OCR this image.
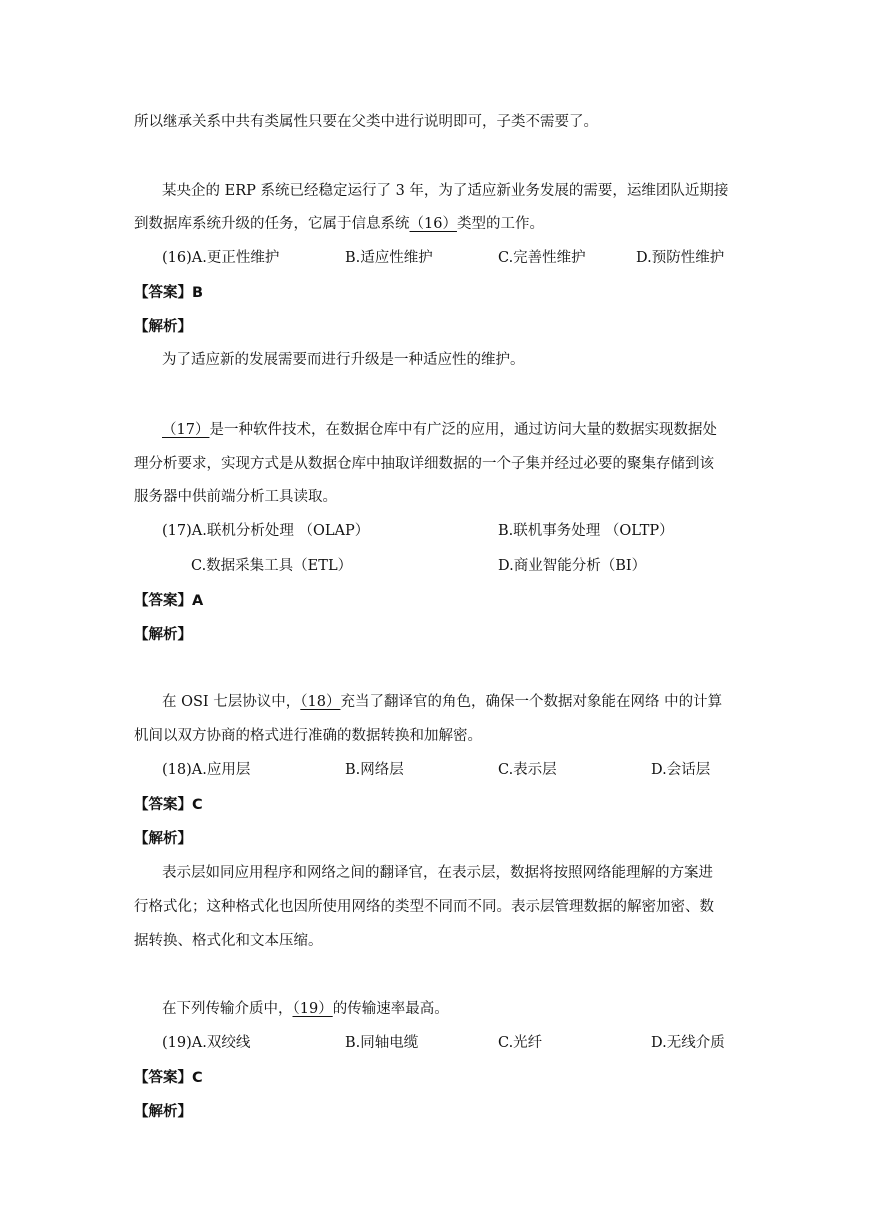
所以继承关系中共有类属性只要在父类中进行说明即可，子类不需要了。
某央企的 ERP 系统已经稳定运行了 3 年，为了适应新业务发展的需要，运维团队近期接
到数据库系统升级的任务，它属于信息系统（16）类型的工作。
(16)A.更正性维护	B.适应性维护	C.完善性维护	D.预防性维护
【答案】B
【解析】
为了适应新的发展需要而进行升级是一种适应性的维护。
（17）是一种软件技术，在数据仓库中有广泛的应用，通过访问大量的数据实现数据处
理分析要求，实现方式是从数据仓库中抽取详细数据的一个子集并经过必要的聚集存储到该
服务器中供前端分析工具读取。
(17)A.联机分析处理 （OLAP）	B.联机事务处理 （OLTP）
C.数据采集工具（ETL）	D.商业智能分析（BI）
【答案】A
【解析】
在 OSI 七层协议中，（18）充当了翻译官的角色，确保一个数据对象能在网络 中的计算
机间以双方协商的格式进行准确的数据转换和加解密。
(18)A.应用层	B.网络层	C.表示层	D.会话层
【答案】C
【解析】
表示层如同应用程序和网络之间的翻译官，在表示层，数据将按照网络能理解的方案进
行格式化；这种格式化也因所使用网络的类型不同而不同。表示层管理数据的解密加密、数
据转换、格式化和文本压缩。
在下列传输介质中，（19）的传输速率最高。
(19)A.双绞线	B.同轴电缆	C.光纤	D.无线介质
【答案】C
【解析】
